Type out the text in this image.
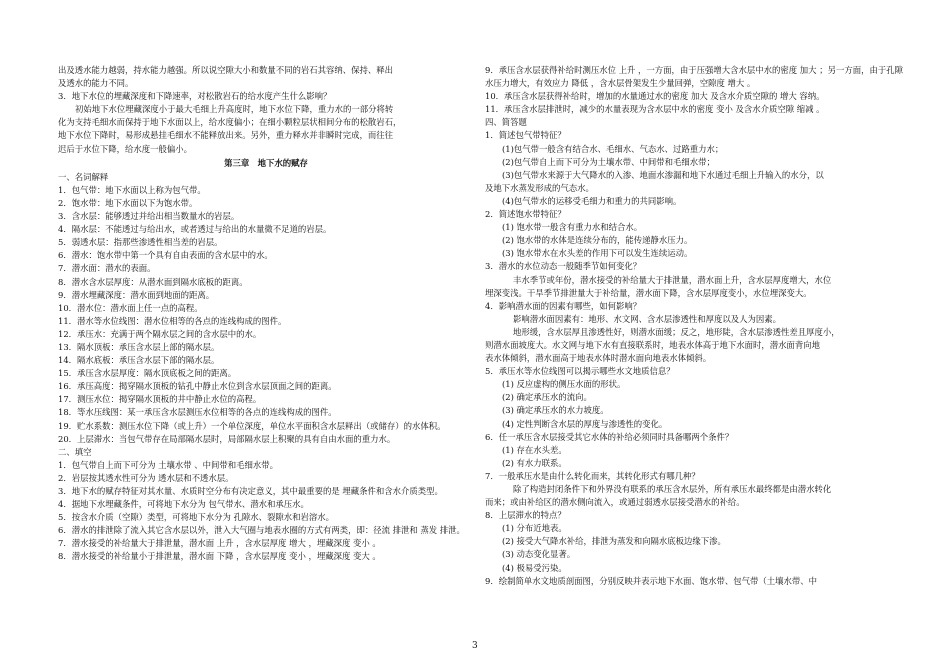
出及透水能力越弱，持水能力越强。所以说空隙大小和数量不同的岩石其容纳、保持、释出
及透水的能力不同。
3．地下水位的埋藏深度和下降速率，对松散岩石的给水度产生什么影响？
初始地下水位埋藏深度小于最大毛细上升高度时，地下水位下降，重力水的一部分将转
化为支持毛细水而保持于地下水面以上，给水度偏小；在细小颗粒层状相间分布的松散岩石，
地下水位下降时，易形成悬挂毛细水不能释放出来。另外，重力释水并非瞬时完成，而往往
迟后于水位下降，给水度一般偏小。
第三章　地下水的赋存
一、名词解释
1．包气带：地下水面以上称为包气带。
2．饱水带：地下水面以下为饱水带。
3．含水层：能够透过并给出相当数量水的岩层。
4．隔水层：不能透过与给出水，或者透过与给出的水量微不足道的岩层。
5．弱透水层：指那些渗透性相当差的岩层。
6．潜水：饱水带中第一个具有自由表面的含水层中的水。
7．潜水面：潜水的表面。
8．潜水含水层厚度：从潜水面到隔水底板的距离。
9．潜水埋藏深度：潜水面到地面的距离。
10．潜水位：潜水面上任一点的高程。
11．潜水等水位线图：潜水位相等的各点的连线构成的图件。
12．承压水：充满于两个隔水层之间的含水层中的水。
13．隔水顶板：承压含水层上部的隔水层。
14．隔水底板：承压含水层下部的隔水层。
15．承压含水层厚度：隔水顶底板之间的距离。
16．承压高度：揭穿隔水顶板的钻孔中静止水位到含水层顶面之间的距离。
17．测压水位：揭穿隔水顶板的井中静止水位的高程。
18．等水压线图：某一承压含水层测压水位相等的各点的连线构成的图件。
19．贮水系数：测压水位下降（或上升）一个单位深度，单位水平面积含水层释出（或储存）的水体积。
20．上层滞水：当包气带存在局部隔水层时，局部隔水层上积聚的具有自由水面的重力水。
二、填空
1．包气带自上而下可分为 土壤水带 、中间带和毛细水带。
2．岩层按其透水性可分为 透水层和不透水层。
3．地下水的赋存特征对其水量、水质时空分布有决定意义，其中最重要的是 埋藏条件和含水介质类型。
4．据地下水埋藏条件，可将地下水分为 包气带水、潜水和承压水。
5．按含水介质（空隙）类型，可将地下水分为 孔隙水、裂隙水和岩溶水。
6．潜水的排泄除了流入其它含水层以外，泄入大气圈与地表水圈的方式有两类，即：径流 排泄和 蒸发 排泄。
7．潜水接受的补给量大于排泄量，潜水面 上升 ，含水层厚度 增大 ，埋藏深度 变小 。
8．潜水接受的补给量小于排泄量，潜水面 下降 ，含水层厚度 变小 ，埋藏深度 变大 。
9．承压含水层获得补给时测压水位 上升 ，一方面，由于压强增大含水层中水的密度 加大 ；另一方面，由于孔隙水压力增大，有效应力 降低 ，含水层骨架发生少量回弹，空隙度 增大 。
10．承压含水层获得补给时，增加的水量通过水的密度 加大 及含水介质空隙的 增大 容纳。
11．承压含水层排泄时，减少的水量表现为含水层中水的密度 变小 及含水介质空隙 缩减 。
四、简答题
1．简述包气带特征？
(1)包气带一般含有结合水、毛细水、气态水、过路重力水；
(2)包气带自上而下可分为土壤水带、中间带和毛细水带；
(3)包气带水来源于大气降水的入渗、地面水渗漏和地下水通过毛细上升输入的水分，以
及地下水蒸发形成的气态水。
(4)包气带水的运移受毛细力和重力的共同影响。
2．简述饱水带特征？
(1) 饱水带一般含有重力水和结合水。
(2) 饱水带的水体是连续分布的，能传递静水压力。
(3) 饱水带水在水头差的作用下可以发生连续运动。
3．潜水的水位动态一般随季节如何变化？
丰水季节或年份，潜水接受的补给量大于排泄量，潜水面上升，含水层厚度增大，水位
埋深变浅。干旱季节排泄量大于补给量，潜水面下降，含水层厚度变小，水位埋深变大。
4．影响潜水面的因素有哪些，如何影响？
影响潜水面因素有：地形、水文网、含水层渗透性和厚度以及人为因素。
地形缓，含水层厚且渗透性好，则潜水面缓；反之，地形陡，含水层渗透性差且厚度小，
则潜水面坡度大。水文网与地下水有直接联系时，地表水体高于地下水面时，潜水面背向地
表水体倾斜，潜水面高于地表水体时潜水面向地表水体倾斜。
5．承压水等水位线图可以揭示哪些水文地质信息？
(1) 反应虚构的侧压水面的形状。
(2) 确定承压水的流向。
(3) 确定承压水的水力坡度。
(4) 定性判断含水层的厚度与渗透性的变化。
6．任一承压含水层接受其它水体的补给必须同时具备哪两个条件？
(1) 存在水头差。
(2) 有水力联系。
7．一般承压水是由什么转化而来，其转化形式有哪几种？
除了构造封闭条件下和外界没有联系的承压含水层外，所有承压水最终都是由潜水转化
而来；或由补给区的潜水侧向流入，或通过弱透水层接受潜水的补给。
8．上层滞水的特点？
(1) 分布近地表。
(2) 接受大气降水补给，排泄为蒸发和向隔水底板边缘下渗。
(3) 动态变化显著。
(4) 极易受污染。
9．绘制简单水文地质剖面图，分别反映并表示地下水面、饱水带、包气带（土壤水带、中
3
